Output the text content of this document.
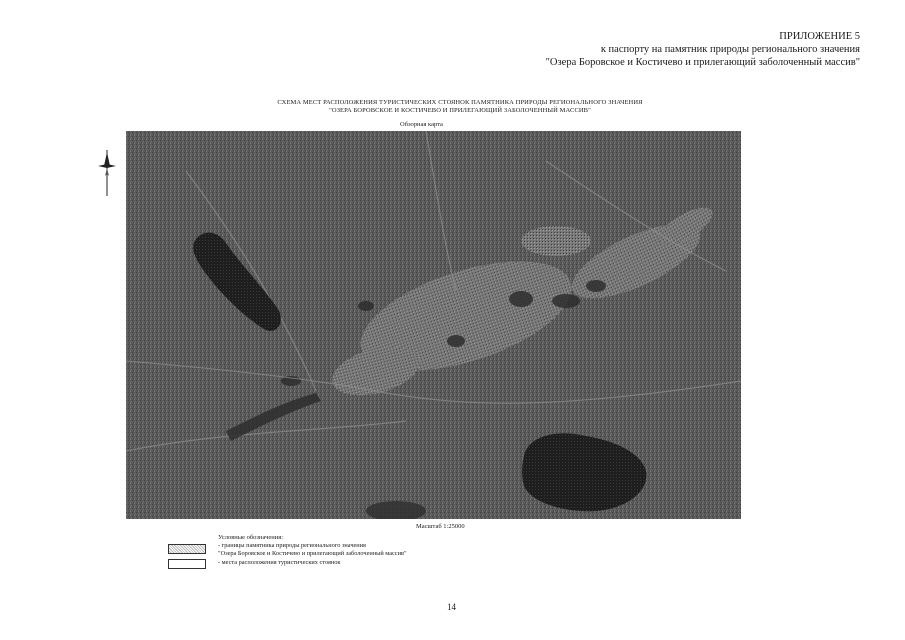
ПРИЛОЖЕНИЕ 5
к паспорту на памятник природы регионального значения
"Озера Боровское и Костичево и прилегающий заболоченный массив"
СХЕМА МЕСТ РАСПОЛОЖЕНИЯ ТУРИСТИЧЕСКИХ СТОЯНОК ПАМЯТНИКА ПРИРОДЫ РЕГИОНАЛЬНОГО ЗНАЧЕНИЯ
"ОЗЕРА БОРОВСКОЕ И КОСТИЧЕВО И ПРИЛЕГАЮЩИЙ ЗАБОЛОЧЕННЫЙ МАССИВ"
Обзорная карта
Масштаб 1:25000
Условные обозначения:
- границы памятника природы регионального значения
"Озера Боровское и Костичево и прилегающий заболоченный массив"
- места расположения туристических стоянок
14
